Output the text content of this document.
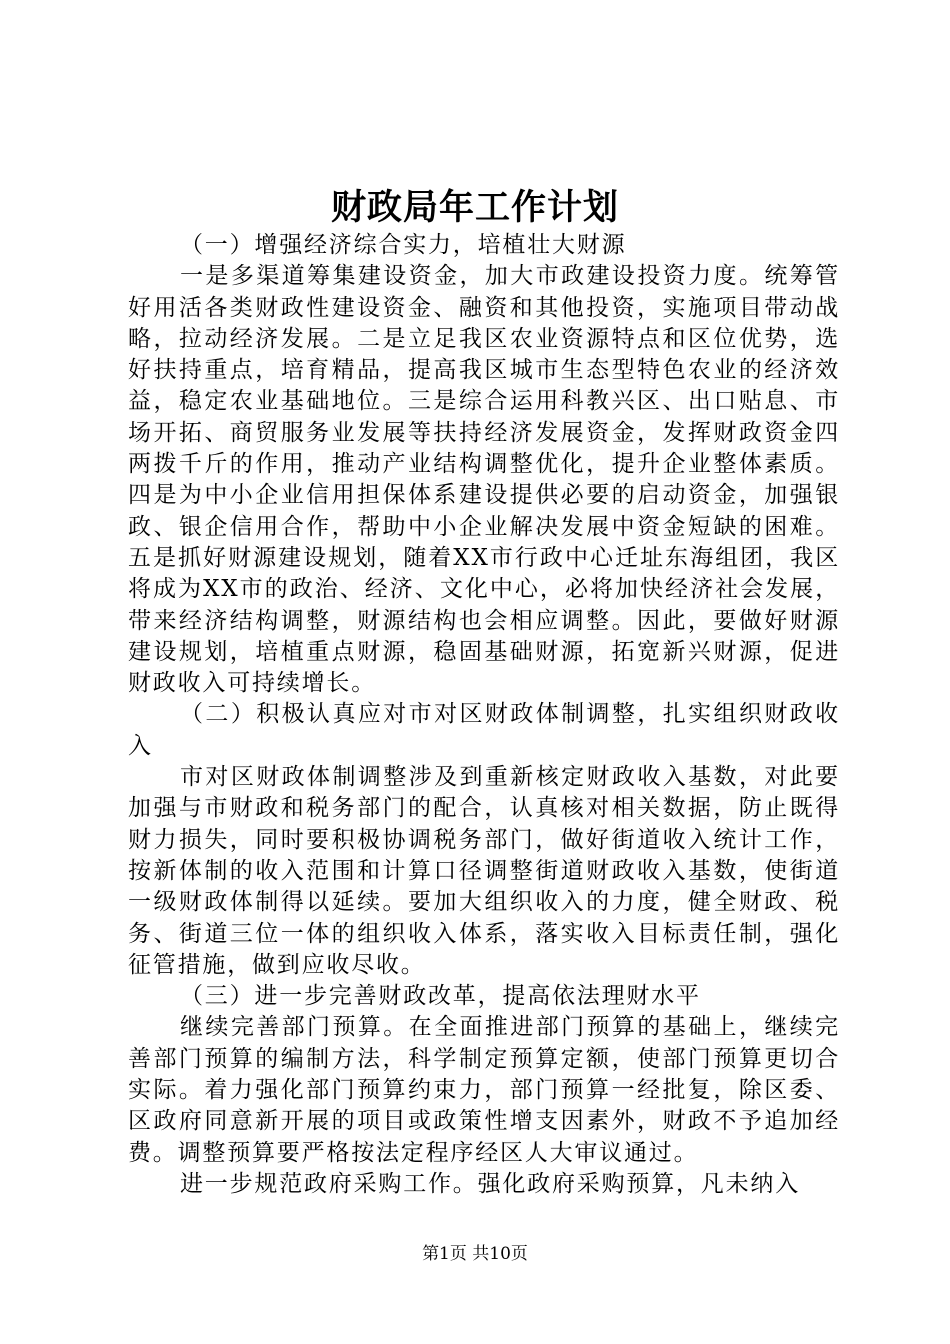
财政局年工作计划

（一）增强经济综合实力，培植壮大财源

一是多渠道筹集建设资金，加大市政建设投资力度。统筹管好用活各类财政性建设资金、融资和其他投资，实施项目带动战略，拉动经济发展。二是立足我区农业资源特点和区位优势，选好扶持重点，培育精品，提高我区城市生态型特色农业的经济效益，稳定农业基础地位。三是综合运用科教兴区、出口贴息、市场开拓、商贸服务业发展等扶持经济发展资金，发挥财政资金四两拨千斤的作用，推动产业结构调整优化，提升企业整体素质。四是为中小企业信用担保体系建设提供必要的启动资金，加强银政、银企信用合作，帮助中小企业解决发展中资金短缺的困难。五是抓好财源建设规划，随着XX市行政中心迁址东海组团，我区将成为XX市的政治、经济、文化中心，必将加快经济社会发展，带来经济结构调整，财源结构也会相应调整。因此，要做好财源建设规划，培植重点财源，稳固基础财源，拓宽新兴财源，促进财政收入可持续增长。

（二）积极认真应对市对区财政体制调整，扎实组织财政收入

市对区财政体制调整涉及到重新核定财政收入基数，对此要加强与市财政和税务部门的配合，认真核对相关数据，防止既得财力损失，同时要积极协调税务部门，做好街道收入统计工作，按新体制的收入范围和计算口径调整街道财政收入基数，使街道一级财政体制得以延续。要加大组织收入的力度，健全财政、税务、街道三位一体的组织收入体系，落实收入目标责任制，强化征管措施，做到应收尽收。

（三）进一步完善财政改革，提高依法理财水平

继续完善部门预算。在全面推进部门预算的基础上，继续完善部门预算的编制方法，科学制定预算定额，使部门预算更切合实际。着力强化部门预算约束力，部门预算一经批复，除区委、区政府同意新开展的项目或政策性增支因素外，财政不予追加经费。调整预算要严格按法定程序经区人大审议通过。

进一步规范政府采购工作。强化政府采购预算，凡未纳入

第1页 共10页
